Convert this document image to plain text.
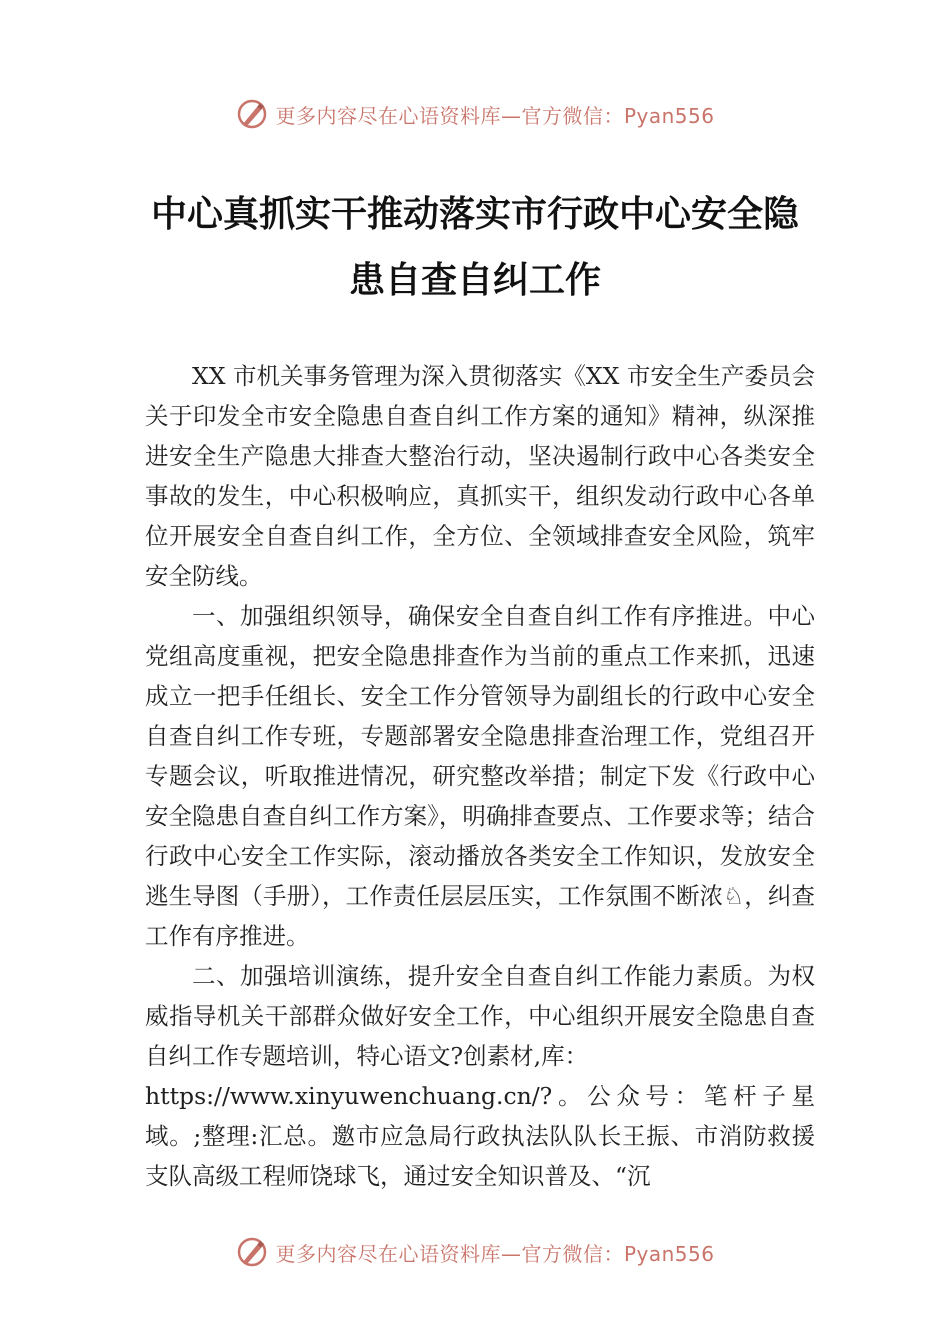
更多内容尽在心语资料库—官方微信：Pyan556
中心真抓实干推动落实市行政中心安全隐
患自查自纠工作

XX 市机关事务管理为深入贯彻落实《XX 市安全生产委员会关于印发全市安全隐患自查自纠工作方案的通知》精神，纵深推进安全生产隐患大排查大整治行动，坚决遏制行政中心各类安全事故的发生，中心积极响应，真抓实干，组织发动行政中心各单位开展安全自查自纠工作，全方位、全领域排查安全风险，筑牢安全防线。

一、加强组织领导，确保安全自查自纠工作有序推进。中心党组高度重视，把安全隐患排查作为当前的重点工作来抓，迅速成立一把手任组长、安全工作分管领导为副组长的行政中心安全自查自纠工作专班，专题部署安全隐患排查治理工作，党组召开专题会议，听取推进情况，研究整改举措；制定下发《行政中心安全隐患自查自纠工作方案》，明确排查要点、工作要求等；结合行政中心安全工作实际，滚动播放各类安全工作知识，发放安全逃生导图（手册），工作责任层层压实，工作氛围不断浓♘，纠查工作有序推进。

二、加强培训演练，提升安全自查自纠工作能力素质。为权威指导机关干部群众做好安全工作，中心组织开展安全隐患自查自纠工作专题培训，特心语文?创素材,库：

https://www.xinyuwenchuang.cn/?。公众号：笔杆子星

域。;整理:汇总。邀市应急局行政执法队队长王振、市消防救援支队高级工程师饶球飞，通过安全知识普及、“沉

更多内容尽在心语资料库—官方微信：Pyan556
